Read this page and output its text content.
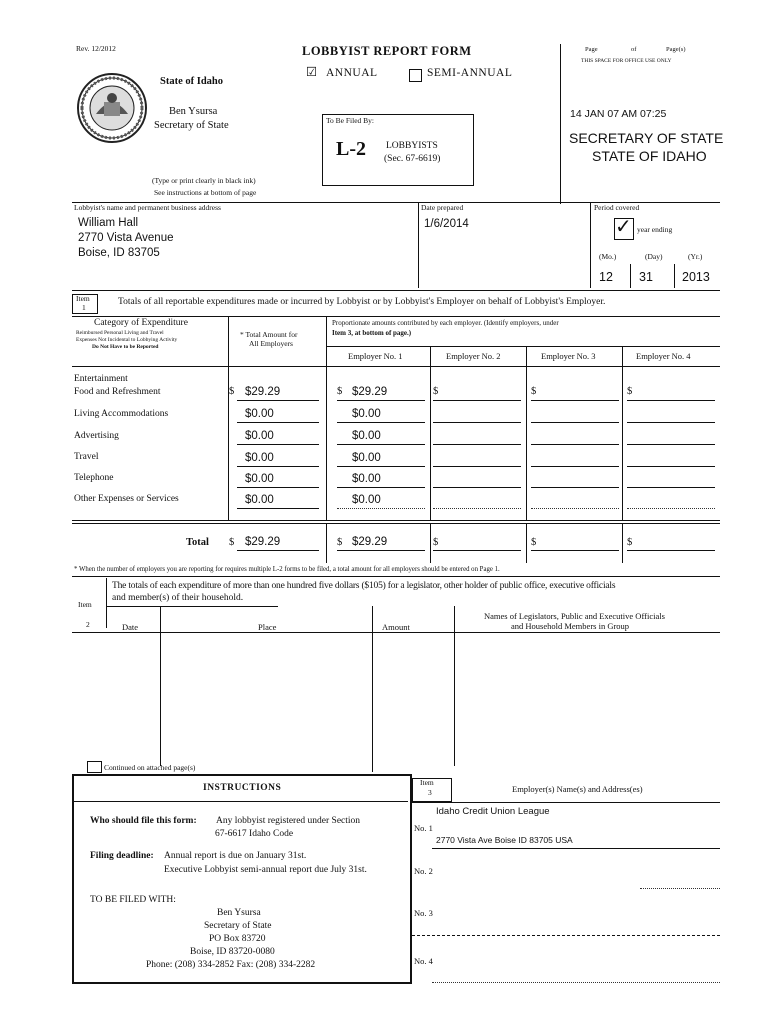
Rev. 12/2012	LOBBYIST REPORT FORM
☑ ANNUAL	SEMI-ANNUAL
Page	of	Page(s)
THIS SPACE FOR OFFICE USE ONLY
State of Idaho
Ben Ysursa
Secretary of State	To Be Filed By:
L-2 LOBBYISTS
(Sec. 67-6619)
(Type or print clearly in black ink)
See instructions at bottom of page
14 JAN 07 AM 07:25
SECRETARY OF STATE
STATE OF IDAHO
Lobbyist's name and permanent business address
William Hall
2770 Vista Avenue
Boise, ID 83705
Date prepared
1/6/2014
Period covered
✓ year ending
(Mo.)	(Day)	(Yr.)
12 31 2013
Item
1
Totals of all reportable expenditures made or incurred by Lobbyist or by Lobbyist's Employer on behalf of Lobbyist's Employer.
Category of Expenditure
Reimbursed Personal Living and Travel
Expenses Not Incidental to Lobbying Activity
Do Not Have to be Reported
* Total Amount for
All Employers
Proportionate amounts contributed by each employer. (Identify employers, under
Item 3, at bottom of page.)
Employer No. 1	Employer No. 2	Employer No. 3	Employer No. 4
Entertainment
Food and Refreshment	$ $29.29	$ $29.29	$	$	$
Living Accommodations	$0.00	$0.00
Advertising	$0.00	$0.00
Travel	$0.00	$0.00
Telephone	$0.00	$0.00
Other Expenses or Services	$0.00	$0.00
Total $ $29.29	$ $29.29	$	$	$
* When the number of employers you are reporting for requires multiple L-2 forms to be filed, a total amount for all employers should be entered on Page 1.
Item
2
The totals of each expenditure of more than one hundred five dollars ($105) for a legislator, other holder of public office, executive officials
and member(s) of their household.
Date	Place	Amount
Names of Legislators, Public and Executive Officials
and Household Members in Group
Continued on attached page(s)
INSTRUCTIONS
Who should file this form: Any lobbyist registered under Section
67-6617 Idaho Code
Filing deadline: Annual report is due on January 31st.
Executive Lobbyist semi-annual report due July 31st.
TO BE FILED WITH:
Ben Ysursa
Secretary of State
PO Box 83720
Boise, ID 83720-0080
Phone: (208) 334-2852 Fax: (208) 334-2282
Item
3	Employer(s) Name(s) and Address(es)
No. 1
Idaho Credit Union League
2770 Vista Ave Boise ID 83705 USA
No. 2
No. 3
No. 4
